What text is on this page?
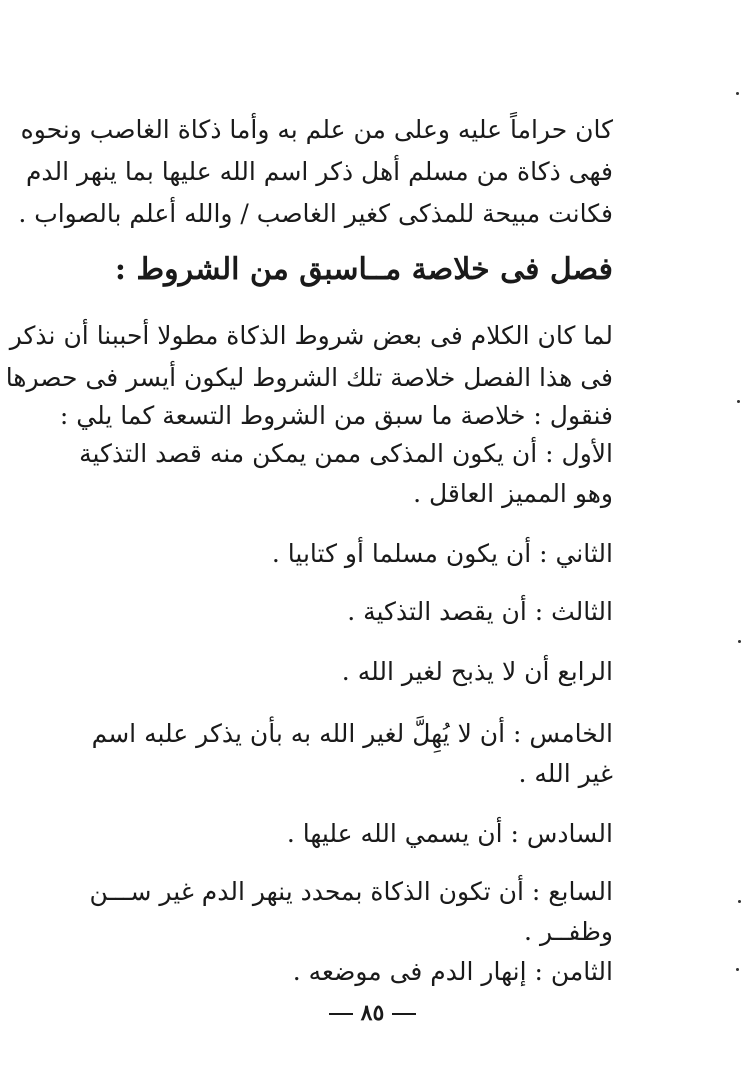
كان حراماً عليه وعلى من علم به وأما ذكاة الغاصب ونحوه
فهى ذكاة من مسلم أهل ذكر اسم الله عليها بما ينهر الدم
فكانت مبيحة للمذكى كغير الغاصب / والله أعلم بالصواب .
فصل فى خلاصة مــاسبق من الشروط :
لما كان الكلام فى بعض شروط الذكاة مطولا أحببنا أن نذكر
فى هذا الفصل خلاصة تلك الشروط ليكون أيسر فى حصرها
فنقول : خلاصة ما سبق من الشروط التسعة كما يلي :
الأول : أن يكون المذكى ممن يمكن منه قصد التذكية
وهو المميز العاقل .
الثاني : أن يكون مسلما أو كتابيا .
الثالث : أن يقصد التذكية .
الرابع أن لا يذبح لغير الله .
الخامس : أن لا يُهِلَّ لغير الله به بأن يذكر علبه اسم
غير الله .
السادس : أن يسمي الله عليها .
السابع : أن تكون الذكاة بمحدد ينهر الدم غير ســـن
وظفــر .
الثامن : إنهار الدم فى موضعه .
٨٥
